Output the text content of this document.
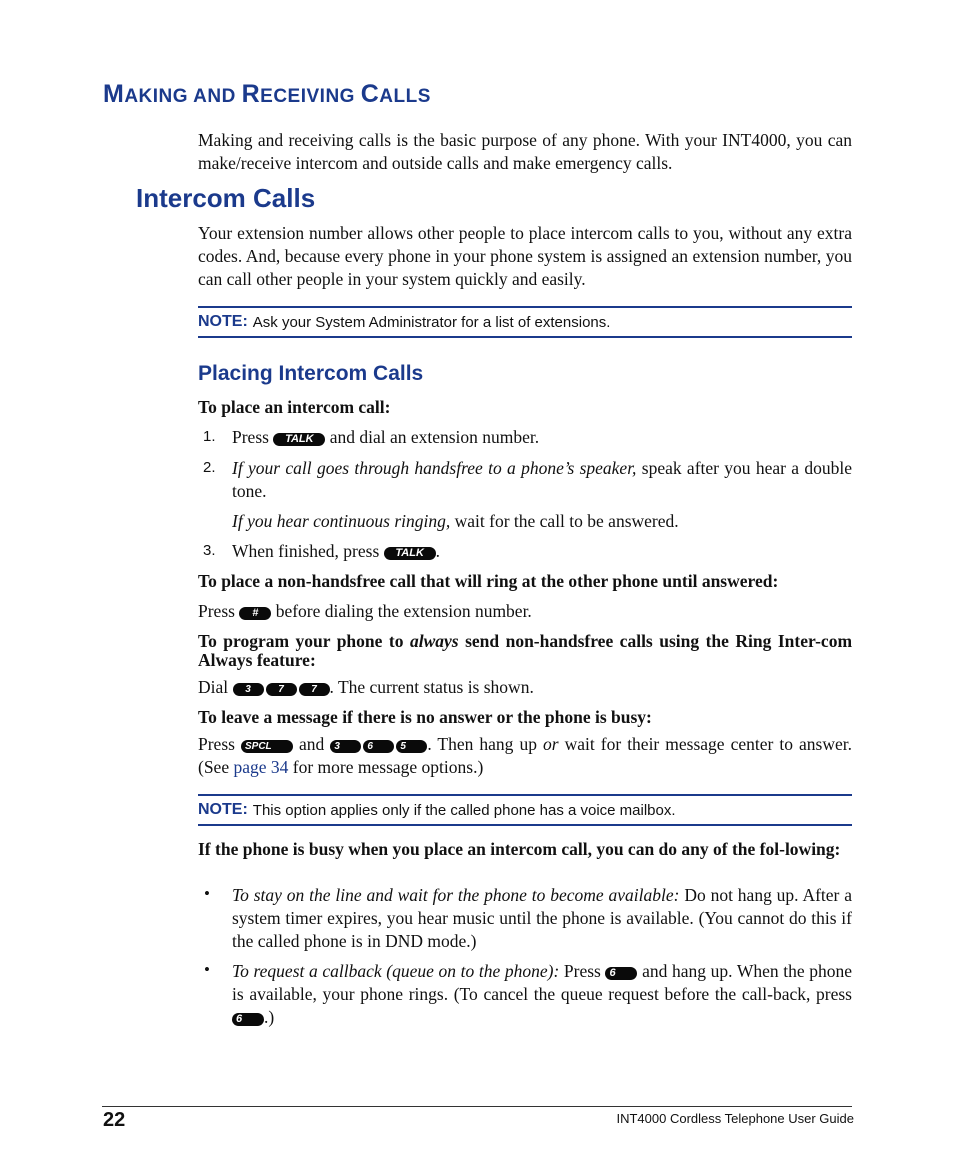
MAKING AND RECEIVING CALLS
Making and receiving calls is the basic purpose of any phone. With your INT4000, you can make/receive intercom and outside calls and make emergency calls.
Intercom Calls
Your extension number allows other people to place intercom calls to you, without any extra codes. And, because every phone in your phone system is assigned an extension number, you can call other people in your system quickly and easily.
NOTE: Ask your System Administrator for a list of extensions.
Placing Intercom Calls
To place an intercom call:
1. Press TALK and dial an extension number.
2. If your call goes through handsfree to a phone’s speaker, speak after you hear a double tone.
If you hear continuous ringing, wait for the call to be answered.
3. When finished, press TALK .
To place a non-handsfree call that will ring at the other phone until answered:
Press # before dialing the extension number.
To program your phone to always send non-handsfree calls using the Ring Inter-com Always feature:
Dial	3	7	7 . The current status is shown.
To leave a message if there is no answer or the phone is busy:
Press SPCL and	3	6	5	. Then hang up or wait for their message center to answer. (See page 34 for more message options.)
NOTE: This option applies only if the called phone has a voice mailbox.
If the phone is busy when you place an intercom call, you can do any of the fol-lowing:
• To stay on the line and wait for the phone to become available: Do not hang up. After a system timer expires, you hear music until the phone is available. (You cannot do this if the called phone is in DND mode.)
• To request a callback (queue on to the phone): Press 6 and hang up. When the phone is available, your phone rings. (To cancel the queue request before the call-back, press 6 .)
22	INT4000 Cordless Telephone User Guide
